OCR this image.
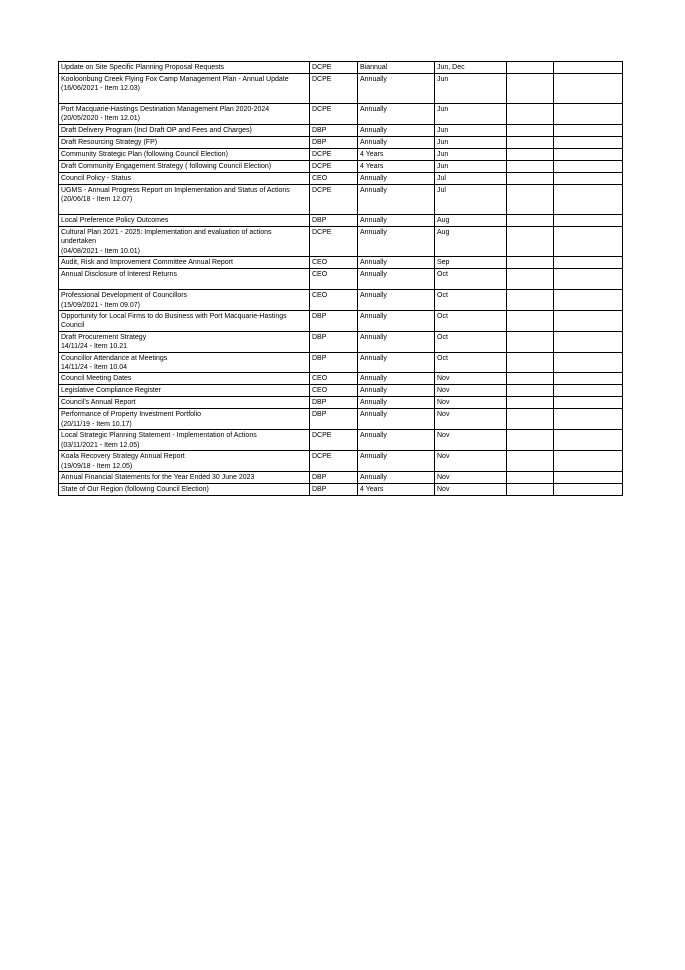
Update on Site Specific Planning Proposal Requests	DCPE	Biannual	Jun, Dec		
Kooloonbung Creek Flying Fox Camp Management Plan - Annual Update
(16/06/2021 - Item 12.03)	DCPE	Annually	Jun		
Port Macquarie-Hastings Destination Management Plan 2020-2024
(20/05/2020 - Item 12.01)	DCPE	Annually	Jun		
Draft Delivery Program (Incl Draft OP and Fees and Charges)	DBP	Annually	Jun		
Draft Resourcing Strategy (FP)	DBP	Annually	Jun		
Community Strategic Plan (following Council Election)	DCPE	4 Years	Jun		
Draft Community Engagement Strategy ( following Council Election)	DCPE	4 Years	Jun		
Council Policy - Status	CEO	Annually	Jul		
UGMS - Annual Progress Report on Implementation and Status of Actions
(20/06/18 - Item 12.07)	DCPE	Annually	Jul		
Local Preference Policy Outcomes	DBP	Annually	Aug		
Cultural Plan 2021 - 2025: Implementation and evaluation of actions
undertaken
(04/08/2021 - Item 10.01)	DCPE	Annually	Aug		
Audit, Risk and Improvement Committee Annual Report	CEO	Annually	Sep		
Annual Disclosure of Interest Returns	CEO	Annually	Oct		
Professional Development of Councillors
(15/09/2021 - Item 09.07)	CEO	Annually	Oct		
Opportunity for Local Firms to do Business with Port Macquarie-Hastings
Council	DBP	Annually	Oct		
Draft Procurement Strategy
14/11/24 - Item 10.21	DBP	Annually	Oct		
Councillor Attendance at Meetings
14/11/24 - Item 10.04	DBP	Annually	Oct		
Council Meeting Dates	CEO	Annually	Nov		
Legislative Compliance Register	CEO	Annually	Nov		
Council's Annual Report	DBP	Annually	Nov		
Performance of Property Investment Portfolio
(20/11/19 - Item 10.17)	DBP	Annually	Nov		
Local Strategic Planning Statement - Implementation of Actions
(03/11/2021 - Item 12.05)	DCPE	Annually	Nov		
Koala Recovery Strategy Annual Report
(19/09/18 - Item 12.05)	DCPE	Annually	Nov		
Annual Financial Statements for the Year Ended 30 June 2023	DBP	Annually	Nov		
State of Our Region (following Council Election)	DBP	4 Years	Nov		
